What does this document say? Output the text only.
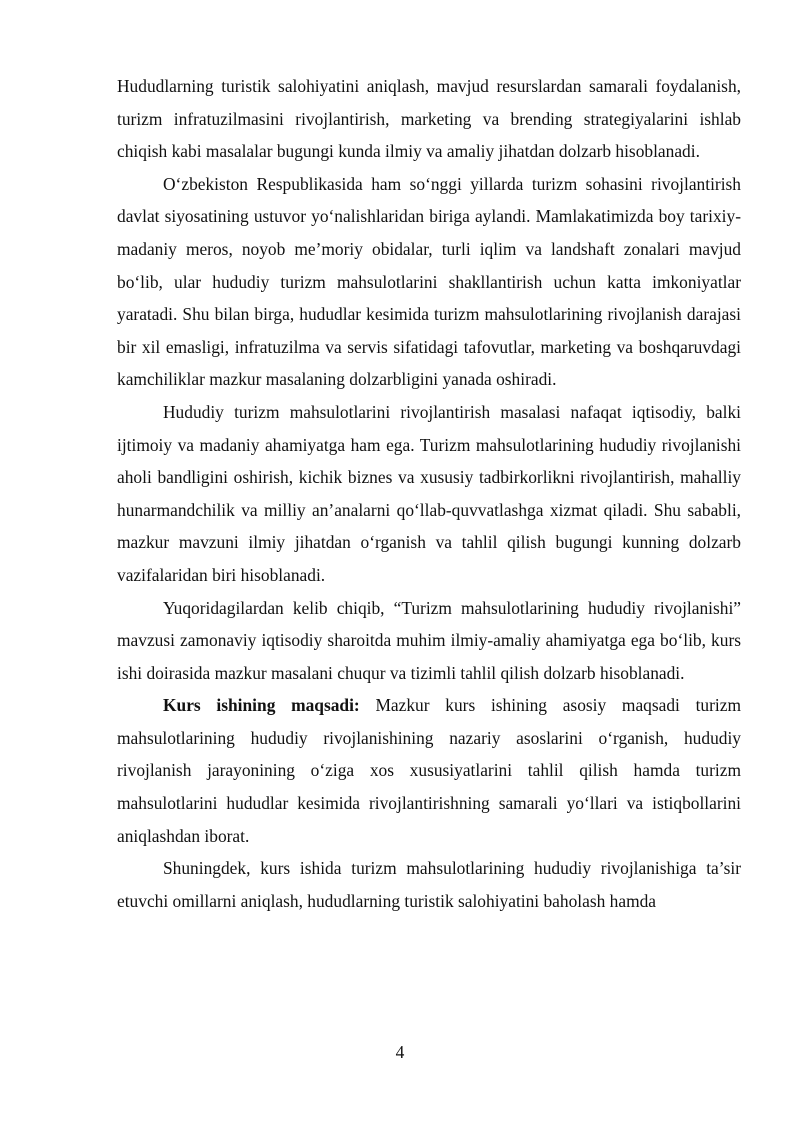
Hududlarning turistik salohiyatini aniqlash, mavjud resurslardan samarali foydalanish, turizm infratuzilmasini rivojlantirish, marketing va brending strategiyalarini ishlab chiqish kabi masalalar bugungi kunda ilmiy va amaliy jihatdan dolzarb hisoblanadi.

O‘zbekiston Respublikasida ham so‘nggi yillarda turizm sohasini rivojlantirish davlat siyosatining ustuvor yo‘nalishlaridan biriga aylandi. Mamlakatimizda boy tarixiy-madaniy meros, noyob me’moriy obidalar, turli iqlim va landshaft zonalari mavjud bo‘lib, ular hududiy turizm mahsulotlarini shakllantirish uchun katta imkoniyatlar yaratadi. Shu bilan birga, hududlar kesimida turizm mahsulotlarining rivojlanish darajasi bir xil emasligi, infratuzilma va servis sifatidagi tafovutlar, marketing va boshqaruvdagi kamchiliklar mazkur masalaning dolzarbligini yanada oshiradi.

Hududiy turizm mahsulotlarini rivojlantirish masalasi nafaqat iqtisodiy, balki ijtimoiy va madaniy ahamiyatga ham ega. Turizm mahsulotlarining hududiy rivojlanishi aholi bandligini oshirish, kichik biznes va xususiy tadbirkorlikni rivojlantirish, mahalliy hunarmandchilik va milliy an’analarni qo‘llab-quvvatlashga xizmat qiladi. Shu sababli, mazkur mavzuni ilmiy jihatdan o‘rganish va tahlil qilish bugungi kunning dolzarb vazifalaridan biri hisoblanadi.

Yuqoridagilardan kelib chiqib, “Turizm mahsulotlarining hududiy rivojlanishi” mavzusi zamonaviy iqtisodiy sharoitda muhim ilmiy-amaliy ahamiyatga ega bo‘lib, kurs ishi doirasida mazkur masalani chuqur va tizimli tahlil qilish dolzarb hisoblanadi.

Kurs ishining maqsadi: Mazkur kurs ishining asosiy maqsadi turizm mahsulotlarining hududiy rivojlanishining nazariy asoslarini o‘rganish, hududiy rivojlanish jarayonining o‘ziga xos xususiyatlarini tahlil qilish hamda turizm mahsulotlarini hududlar kesimida rivojlantirishning samarali yo‘llari va istiqbollarini aniqlashdan iborat.

Shuningdek, kurs ishida turizm mahsulotlarining hududiy rivojlanishiga ta’sir etuvchi omillarni aniqlash, hududlarning turistik salohiyatini baholash hamda

4
